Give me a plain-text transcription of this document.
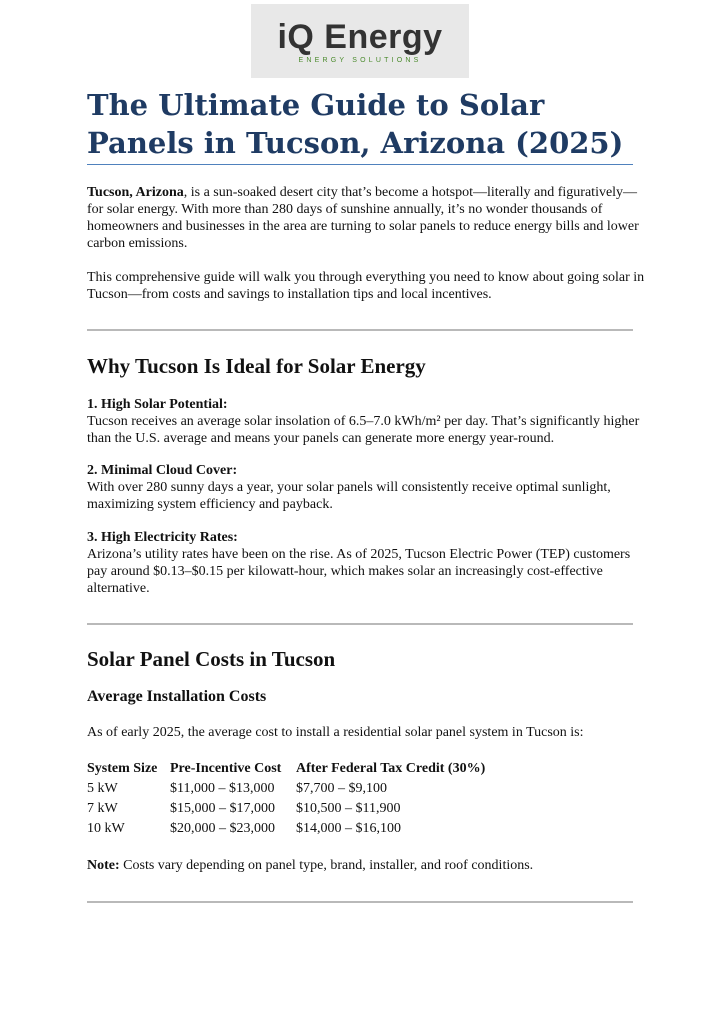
iQ Energy
ENERGY SOLUTIONS
The Ultimate Guide to Solar Panels in Tucson, Arizona (2025)

Tucson, Arizona, is a sun-soaked desert city that’s become a hotspot—literally and figuratively—for solar energy. With more than 280 days of sunshine annually, it’s no wonder thousands of homeowners and businesses in the area are turning to solar panels to reduce energy bills and lower carbon emissions.

This comprehensive guide will walk you through everything you need to know about going solar in Tucson—from costs and savings to installation tips and local incentives.

Why Tucson Is Ideal for Solar Energy
1. High Solar Potential:
Tucson receives an average solar insolation of 6.5–7.0 kWh/m² per day. That’s significantly higher than the U.S. average and means your panels can generate more energy year-round.
2. Minimal Cloud Cover:
With over 280 sunny days a year, your solar panels will consistently receive optimal sunlight, maximizing system efficiency and payback.
3. High Electricity Rates:
Arizona’s utility rates have been on the rise. As of 2025, Tucson Electric Power (TEP) customers pay around $0.13–$0.15 per kilowatt-hour, which makes solar an increasingly cost-effective alternative.
Solar Panel Costs in Tucson
Average Installation Costs

As of early 2025, the average cost to install a residential solar panel system in Tucson is:

System Size	Pre-Incentive Cost	After Federal Tax Credit (30%)
5 kW	$11,000 – $13,000	$7,700 – $9,100
7 kW	$15,000 – $17,000	$10,500 – $11,900
10 kW	$20,000 – $23,000	$14,000 – $16,100

Note: Costs vary depending on panel type, brand, installer, and roof conditions.
